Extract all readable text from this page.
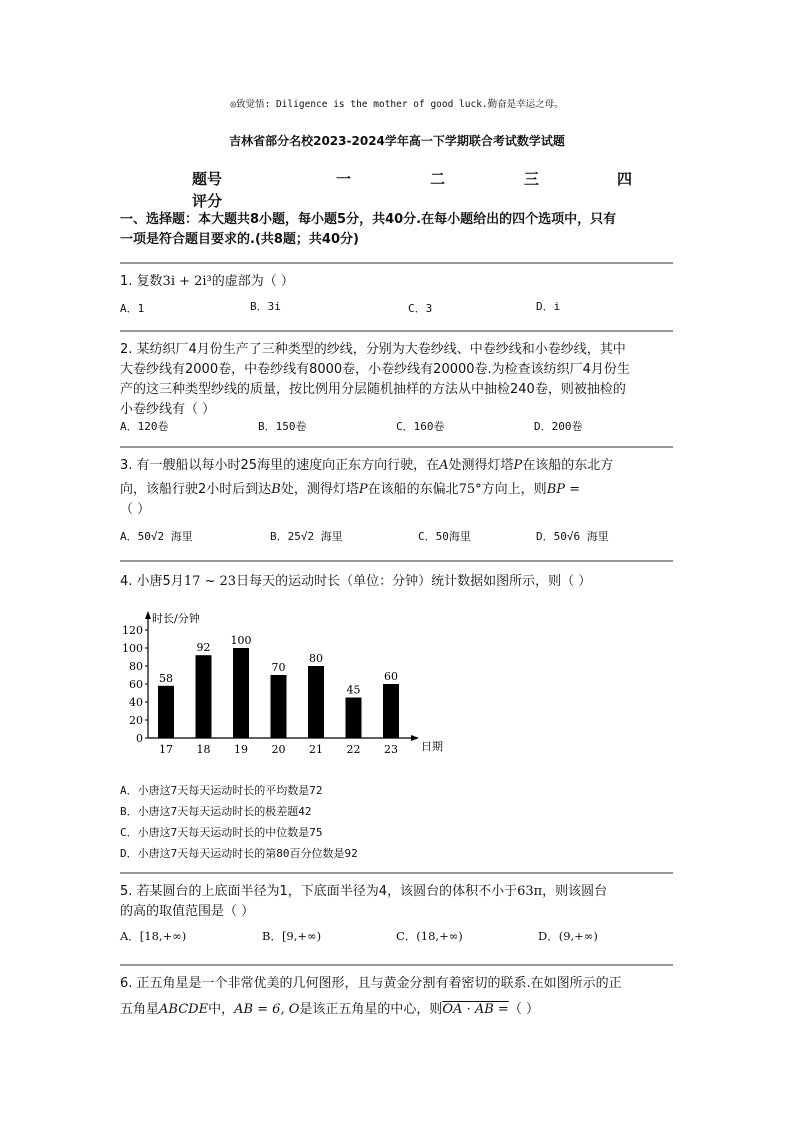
◎致觉悟: Diligence is the mother of good luck.勤奋是幸运之母。
吉林省部分名校2023-2024学年高一下学期联合考试数学试题
题号	一	二	三	四
评分
一、选择题：本大题共8小题，每小题5分，共40分.在每小题给出的四个选项中，只有
一项是符合题目要求的.(共8题；共40分)
1. 复数3i + 2i³的虚部为（ ）
A．1	B．3i	C．3	D．i
2. 某纺织厂4月份生产了三种类型的纱线，分别为大卷纱线、中卷纱线和小卷纱线，其中
大卷纱线有2000卷，中卷纱线有8000卷，小卷纱线有20000卷.为检查该纺织厂4月份生
产的这三种类型纱线的质量，按比例用分层随机抽样的方法从中抽检240卷，则被抽检的
小卷纱线有（ ）
A．120卷	B．150卷	C．160卷	D．200卷
3. 有一艘船以每小时25海里的速度向正东方向行驶，在A处测得灯塔P在该船的东北方
向，该船行驶2小时后到达B处，测得灯塔P在该船的东偏北75°方向上，则BP =
（ ）
A．50√2 海里	B．25√2 海里	C．50海里	D．50√6 海里
4. 小唐5月17 ~ 23日每天的运动时长（单位：分钟）统计数据如图所示，则（ ）
0
20
40
60
80
100
120
时长/分钟
58
17
92
18
100
19
70
20
80
21
45
22
60
23 日期
A．小唐这7天每天运动时长的平均数是72
B．小唐这7天每天运动时长的极差题42
C．小唐这7天每天运动时长的中位数是75
D．小唐这7天每天运动时长的第80百分位数是92
5. 若某圆台的上底面半径为1，下底面半径为4，该圆台的体积不小于63π，则该圆台
的高的取值范围是（ ）
A．[18,+∞)	B．[9,+∞)	C．(18,+∞)	D．(9,+∞)
6. 正五角星是一个非常优美的几何图形，且与黄金分割有着密切的联系.在如图所示的正
五角星ABCDE中，AB = 6, O是该正五角星的中心，则OA · AB =（ ）
